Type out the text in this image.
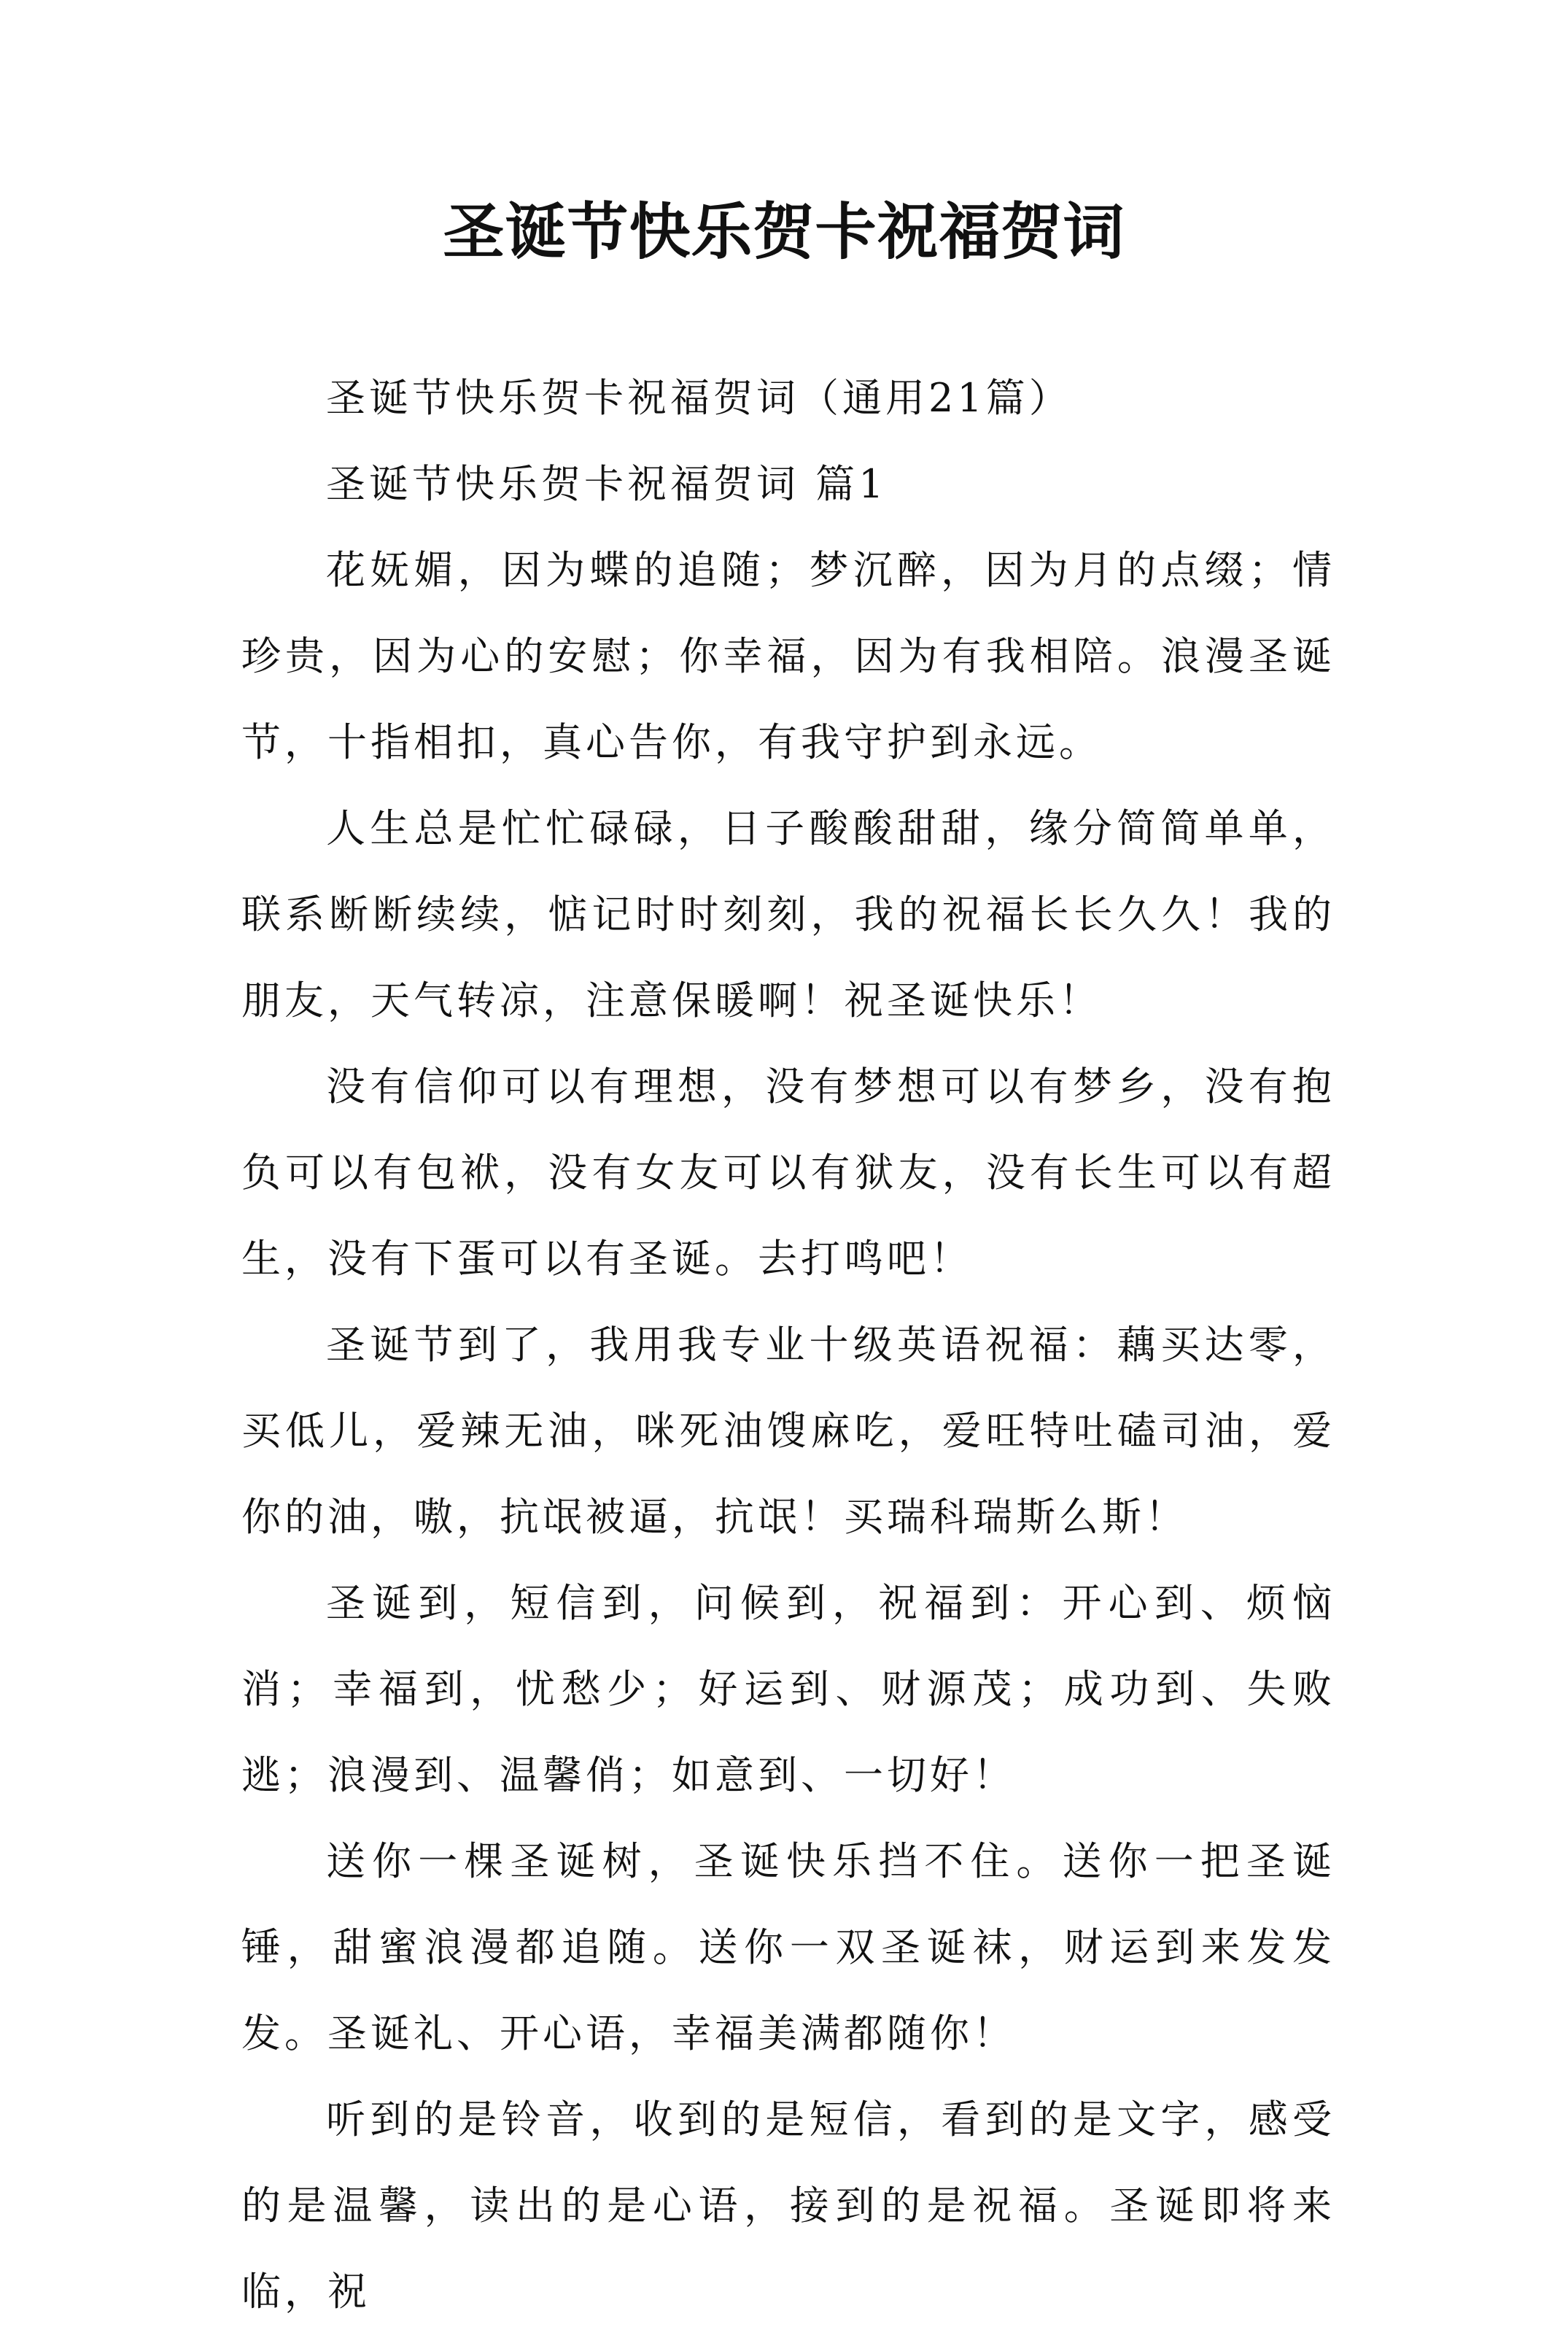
圣诞节快乐贺卡祝福贺词

圣诞节快乐贺卡祝福贺词（通用21篇）

圣诞节快乐贺卡祝福贺词 篇1

花妩媚，因为蝶的追随；梦沉醉，因为月的点缀；情珍贵，因为心的安慰；你幸福，因为有我相陪。浪漫圣诞节，十指相扣，真心告你，有我守护到永远。

人生总是忙忙碌碌，日子酸酸甜甜，缘分简简单单，联系断断续续，惦记时时刻刻，我的祝福长长久久！我的朋友，天气转凉，注意保暖啊！祝圣诞快乐！

没有信仰可以有理想，没有梦想可以有梦乡，没有抱负可以有包袱，没有女友可以有狱友，没有长生可以有超生，没有下蛋可以有圣诞。去打鸣吧！

圣诞节到了，我用我专业十级英语祝福：藕买达零，买低儿，爱辣无油，咪死油馊麻吃，爱旺特吐磕司油，爱你的油，嗷，抗氓被逼，抗氓！买瑞科瑞斯么斯！

圣诞到，短信到，问候到，祝福到：开心到、烦恼消；幸福到，忧愁少；好运到、财源茂；成功到、失败逃；浪漫到、温馨俏；如意到、一切好！

送你一棵圣诞树，圣诞快乐挡不住。送你一把圣诞锤，甜蜜浪漫都追随。送你一双圣诞袜，财运到来发发发。圣诞礼、开心语，幸福美满都随你！

听到的是铃音，收到的是短信，看到的是文字，感受的是温馨，读出的是心语，接到的是祝福。圣诞即将来临，祝
